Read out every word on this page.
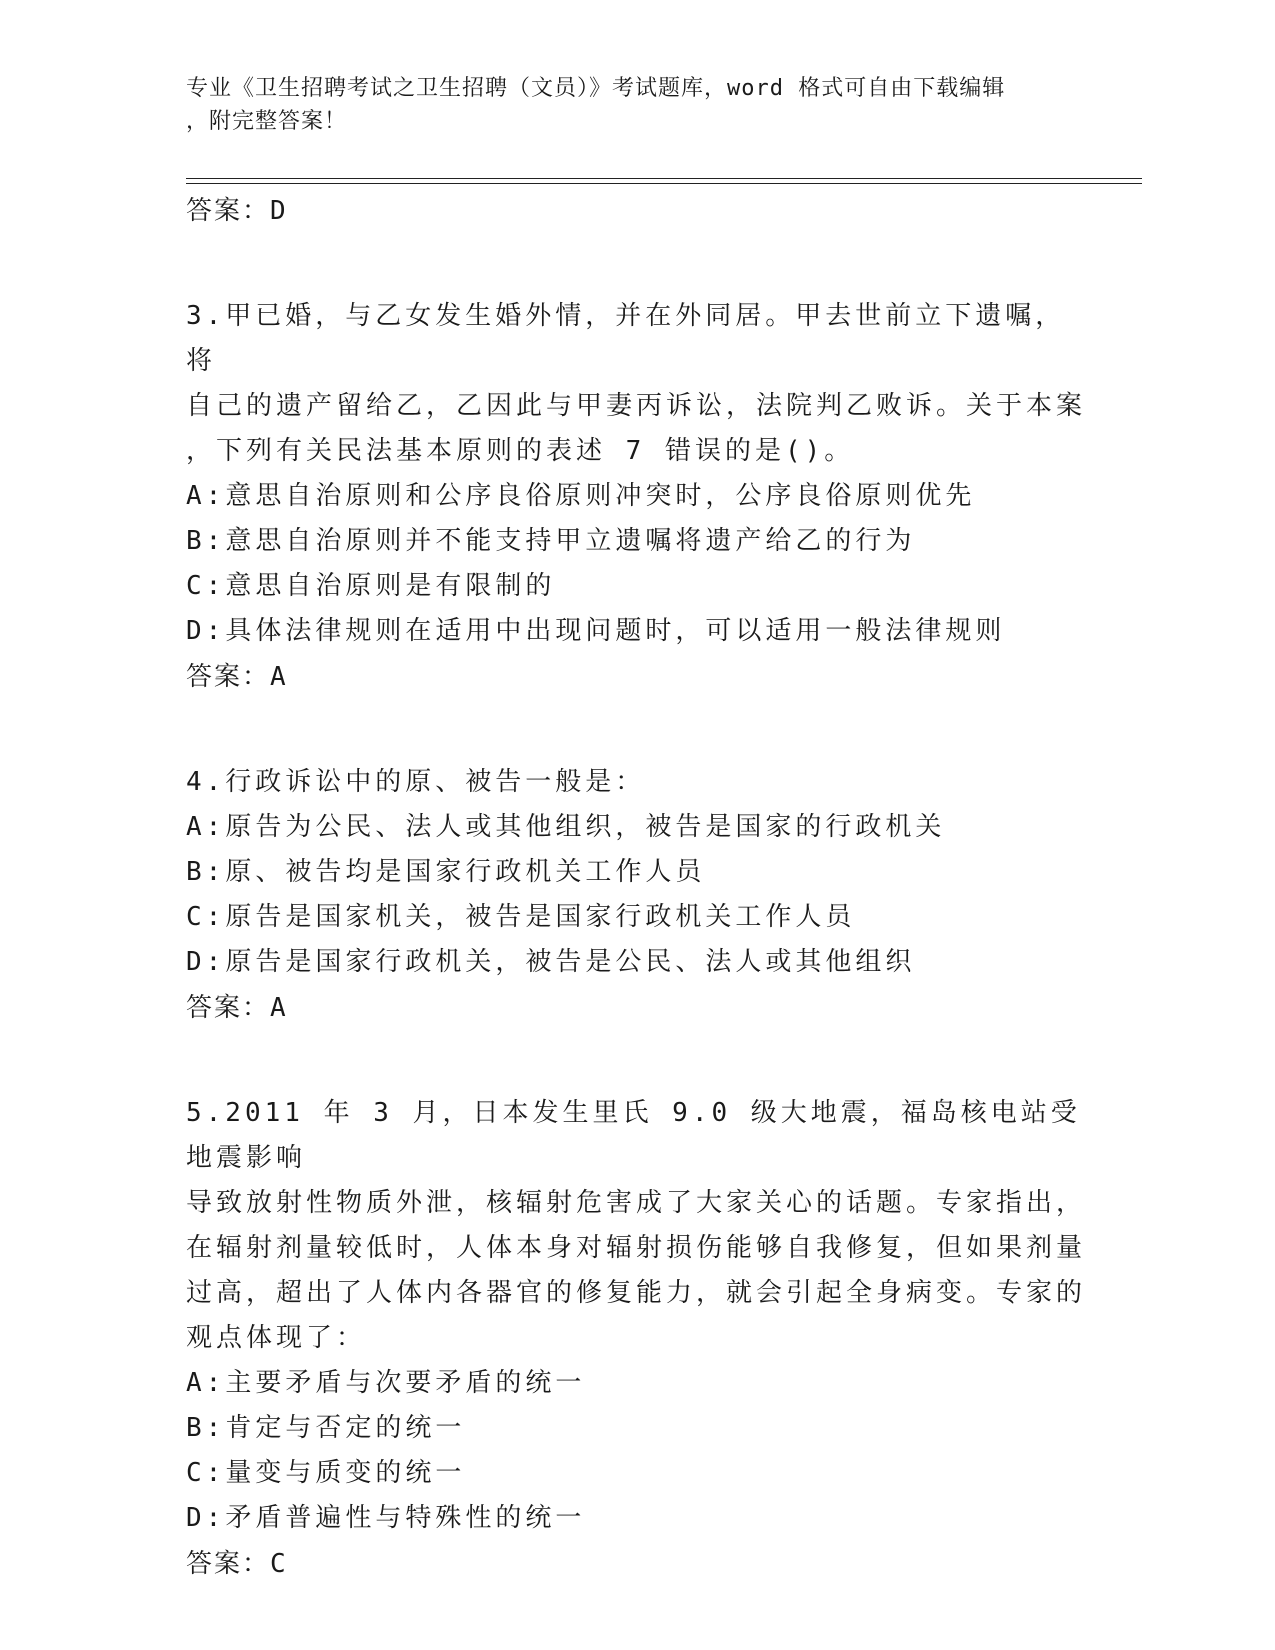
专业《卫生招聘考试之卫生招聘（文员）》考试题库，word 格式可自由下载编辑
，附完整答案！
答案：D
3.甲已婚，与乙女发生婚外情，并在外同居。甲去世前立下遗嘱，将
自己的遗产留给乙，乙因此与甲妻丙诉讼，法院判乙败诉。关于本案
，下列有关民法基本原则的表述 7 错误的是()。
A:意思自治原则和公序良俗原则冲突时，公序良俗原则优先
B:意思自治原则并不能支持甲立遗嘱将遗产给乙的行为
C:意思自治原则是有限制的
D:具体法律规则在适用中出现问题时，可以适用一般法律规则
答案：A
4.行政诉讼中的原、被告一般是：
A:原告为公民、法人或其他组织，被告是国家的行政机关
B:原、被告均是国家行政机关工作人员
C:原告是国家机关，被告是国家行政机关工作人员
D:原告是国家行政机关，被告是公民、法人或其他组织
答案：A
5.2011 年 3 月，日本发生里氏 9.0 级大地震，福岛核电站受地震影响
导致放射性物质外泄，核辐射危害成了大家关心的话题。专家指出，
在辐射剂量较低时，人体本身对辐射损伤能够自我修复，但如果剂量
过高，超出了人体内各器官的修复能力，就会引起全身病变。专家的
观点体现了：
A:主要矛盾与次要矛盾的统一
B:肯定与否定的统一
C:量变与质变的统一
D:矛盾普遍性与特殊性的统一
答案：C
